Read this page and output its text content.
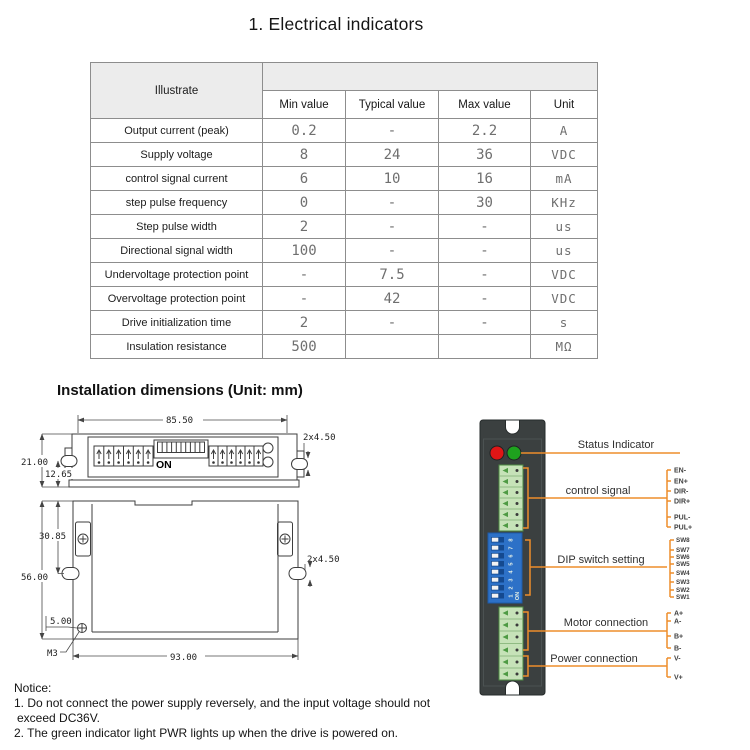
1. Electrical indicators
Illustrate				
	Min value	Typical value	Max value	Unit
Output current (peak)	0.2	-	2.2	A
Supply voltage	8	24	36	VDC
control signal current	6	10	16	mA
step pulse frequency	0	-	30	KHz
Step pulse width	2	-	-	us
Directional signal width	100	-	-	us
Undervoltage protection point	-	7.5	-	VDC
Overvoltage protection point	-	42	-	VDC
Drive initialization time	2	-	-	s
Insulation resistance	500			MΩ
Installation dimensions (Unit: mm)
85.50
ON
2x4.50
21.00
12.65
2x4.50
30.85
56.00
5.00
M3	93.00
8
7
6
5
4
3
2
1 ON
Status Indicator
control signal
EN-
EN+
DIR-
DIR+
PUL-
PUL+
DIP switch setting
SW8
SW7
SW6
SW5
SW4
SW3
SW2
SW1
Motor connection
A+
A-
B+
B-
Power connection	V-
V+
Notice:
1. Do not connect the power supply reversely, and the input voltage should not
exceed DC36V.
2. The green indicator light PWR lights up when the drive is powered on.
